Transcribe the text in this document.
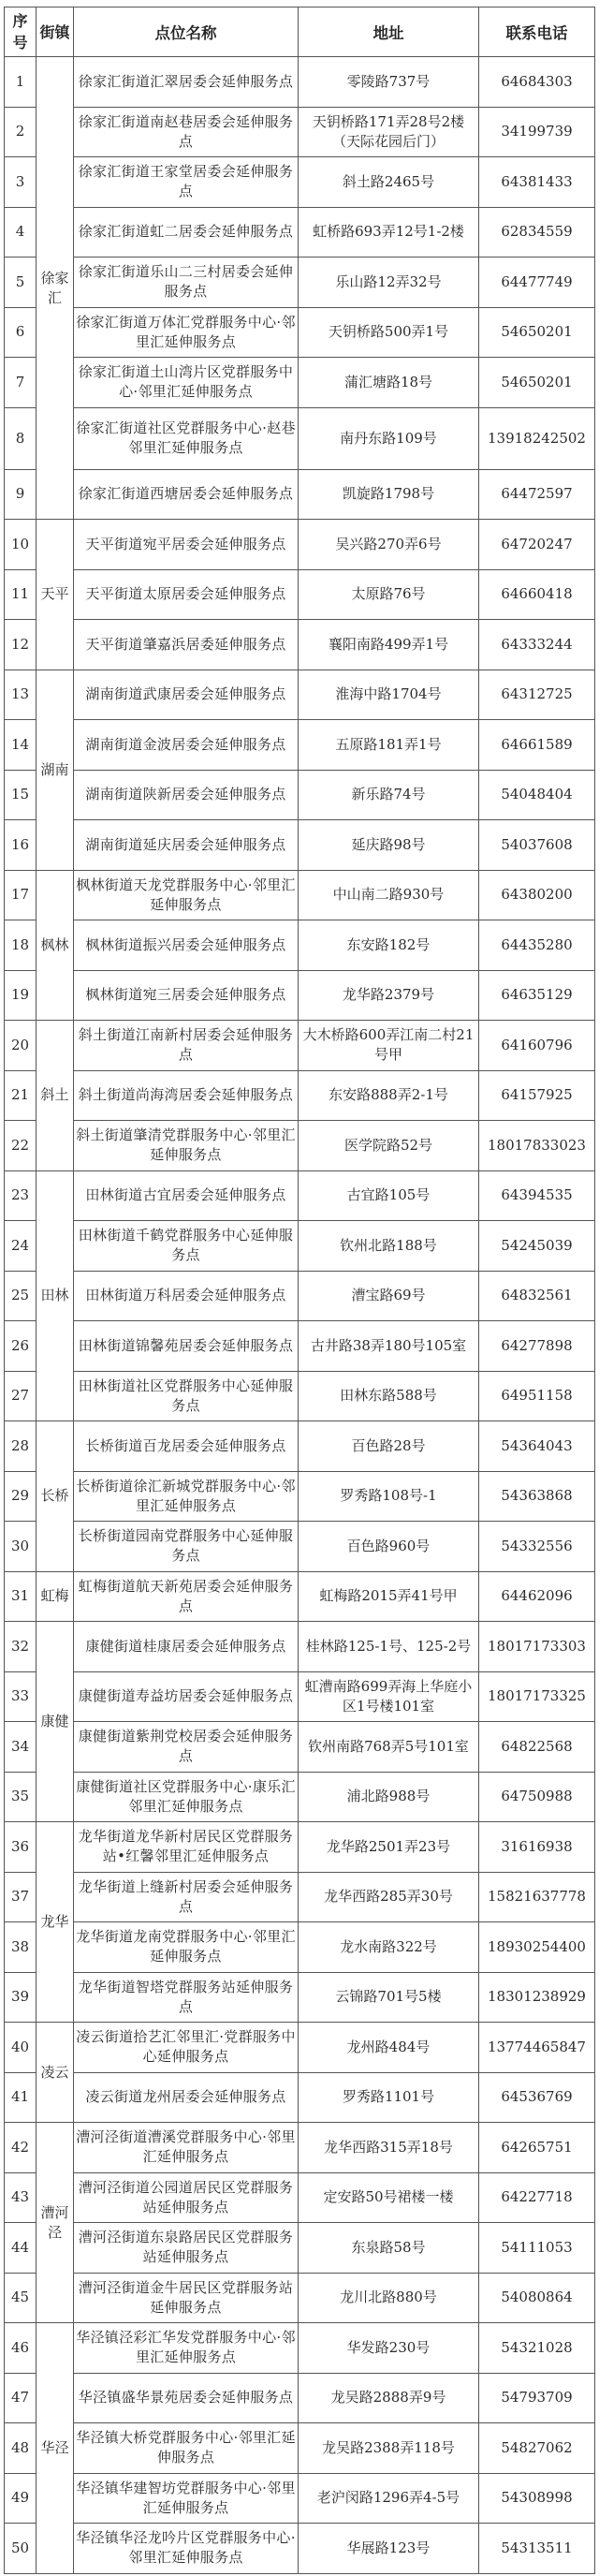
序号	街镇	点位名称	地址	联系电话
1	徐家汇	徐家汇街道汇翠居委会延伸服务点	零陵路737号	64684303
2		徐家汇街道南赵巷居委会延伸服务点	天钥桥路171弄28号2楼（天际花园后门）	34199739
3		徐家汇街道王家堂居委会延伸服务点	斜土路2465号	64381433
4		徐家汇街道虹二居委会延伸服务点	虹桥路693弄12号1-2楼	62834559
5		徐家汇街道乐山二三村居委会延伸服务点	乐山路12弄32号	64477749
6		徐家汇街道万体汇党群服务中心·邻里汇延伸服务点	天钥桥路500弄1号	54650201
7		徐家汇街道土山湾片区党群服务中心·邻里汇延伸服务点	蒲汇塘路18号	54650201
8		徐家汇街道社区党群服务中心·赵巷邻里汇延伸服务点	南丹东路109号	13918242502
9		徐家汇街道西塘居委会延伸服务点	凯旋路1798号	64472597
10	天平	天平街道宛平居委会延伸服务点	吴兴路270弄6号	64720247
11		天平街道太原居委会延伸服务点	太原路76号	64660418
12		天平街道肇嘉浜居委延伸服务点	襄阳南路499弄1号	64333244
13	湖南	湖南街道武康居委会延伸服务点	淮海中路1704号	64312725
14		湖南街道金波居委会延伸服务点	五原路181弄1号	64661589
15		湖南街道陕新居委会延伸服务点	新乐路74号	54048404
16		湖南街道延庆居委会延伸服务点	延庆路98号	54037608
17	枫林	枫林街道天龙党群服务中心·邻里汇延伸服务点	中山南二路930号	64380200
18		枫林街道振兴居委会延伸服务点	东安路182号	64435280
19		枫林街道宛三居委会延伸服务点	龙华路2379号	64635129
20	斜土	斜土街道江南新村居委会延伸服务点	大木桥路600弄江南二村21号甲	64160796
21		斜土街道尚海湾居委会延伸服务点	东安路888弄2-1号	64157925
22		斜土街道肇清党群服务中心·邻里汇延伸服务点	医学院路52号	18017833023
23	田林	田林街道古宜居委会延伸服务点	古宜路105号	64394535
24		田林街道千鹤党群服务中心延伸服务点	钦州北路188号	54245039
25		田林街道万科居委会延伸服务点	漕宝路69号	64832561
26		田林街道锦馨苑居委会延伸服务点	古井路38弄180号105室	64277898
27		田林街道社区党群服务中心延伸服务点	田林东路588号	64951158
28	长桥	长桥街道百龙居委会延伸服务点	百色路28号	54364043
29		长桥街道徐汇新城党群服务中心·邻里汇延伸服务点	罗秀路108号-1	54363868
30		长桥街道园南党群服务中心延伸服务点	百色路960号	54332556
31	虹梅	虹梅街道航天新苑居委会延伸服务点	虹梅路2015弄41号甲	64462096
32	康健	康健街道桂康居委会延伸服务点	桂林路125-1号、125-2号	18017173303
33		康健街道寿益坊居委会延伸服务点	虹漕南路699弄海上华庭小区1号楼101室	18017173325
34		康健街道紫荆党校居委会延伸服务点	钦州南路768弄5号101室	64822568
35		康健街道社区党群服务中心·康乐汇邻里汇延伸服务点	浦北路988号	64750988
36	龙华	龙华街道龙华新村居民区党群服务站•红馨邻里汇延伸服务点	龙华路2501弄23号	31616938
37		龙华街道上缝新村居委会延伸服务点	龙华西路285弄30号	15821637778
38		龙华街道龙南党群服务中心·邻里汇延伸服务点	龙水南路322号	18930254400
39		龙华街道智塔党群服务站延伸服务点	云锦路701号5楼	18301238929
40	凌云	凌云街道拾艺汇邻里汇·党群服务中心延伸服务点	龙州路484号	13774465847
41		凌云街道龙州居委会延伸服务点	罗秀路1101号	64536769
42	漕河泾	漕河泾街道漕溪党群服务中心·邻里汇延伸服务点	龙华西路315弄18号	64265751
43		漕河泾街道公园道居民区党群服务站延伸服务点	定安路50号裙楼一楼	64227718
44		漕河泾街道东泉路居民区党群服务站延伸服务点	东泉路58号	54111053
45		漕河泾街道金牛居民区党群服务站延伸服务点	龙川北路880号	54080864
46	华泾	华泾镇泾彩汇华发党群服务中心·邻里汇延伸服务点	华发路230号	54321028
47		华泾镇盛华景苑居委会延伸服务点	龙吴路2888弄9号	54793709
48		华泾镇大桥党群服务中心·邻里汇延伸服务点	龙吴路2388弄118号	54827062
49		华泾镇华建智坊党群服务中心·邻里汇延伸服务点	老沪闵路1296弄4-5号	54308998
50		华泾镇华泾龙吟片区党群服务中心·邻里汇延伸服务点	华展路123号	54313511
